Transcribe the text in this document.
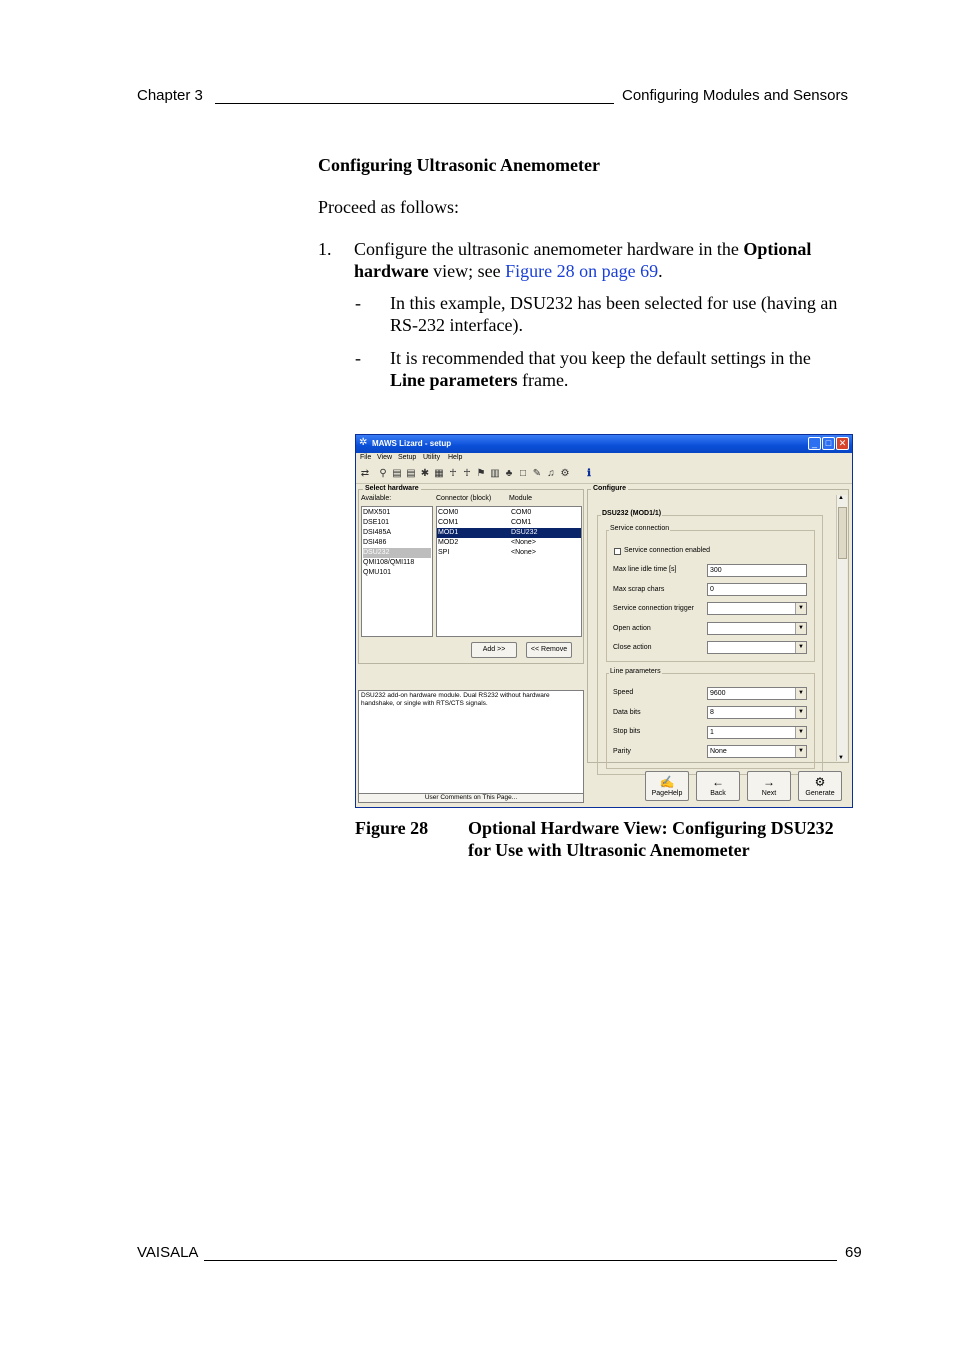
Chapter 3	Configuring Modules and Sensors
Configuring Ultrasonic Anemometer
Proceed as follows:
1. Configure the ultrasonic anemometer hardware in the Optional
hardware view; see Figure 28 on page 69.
- In this example, DSU232 has been selected for use (having an
RS-232 interface).
- It is recommended that you keep the default settings in the
Line parameters frame.
✲ MAWS Lizard - setup	_ □ ✕
File View Setup Utility Help
⇄ ⚲ ▤ ▤ ✱ ▦ ☥ ☥ ⚑ ▥ ♣ □ ✎ ♫ ⚙	ℹ
Select hardware
Available:	Connector (block)	Module
DMX501
DSE101
DSI485A
DSI486
DSU232
QMI108/QMI118
QMU101
COM0	COM0
COM1	COM1
MOD1	DSU232
MOD2	<None>
SPI	<None>
Add >>	<< Remove
DSU232 add-on hardware module. Dual RS232 without hardware handshake, or single with RTS/CTS signals.
User Comments on This Page...
Configure
DSU232 (MOD1/1)
Service connection
Service connection enabled
Max line idle time [s]	300
Max scrap chars	0
Service connection trigger	▼
Open action	▼
Close action	▼
Line parameters
Speed	9600	▼
Data bits	8	▼
Stop bits	1	▼
Parity	None	▼
▲
▼
✍
PageHelp
←
Back
→
Next
⚙
Generate
Figure 28 Optional Hardware View: Configuring DSU232
for Use with Ultrasonic Anemometer
VAISALA	69
